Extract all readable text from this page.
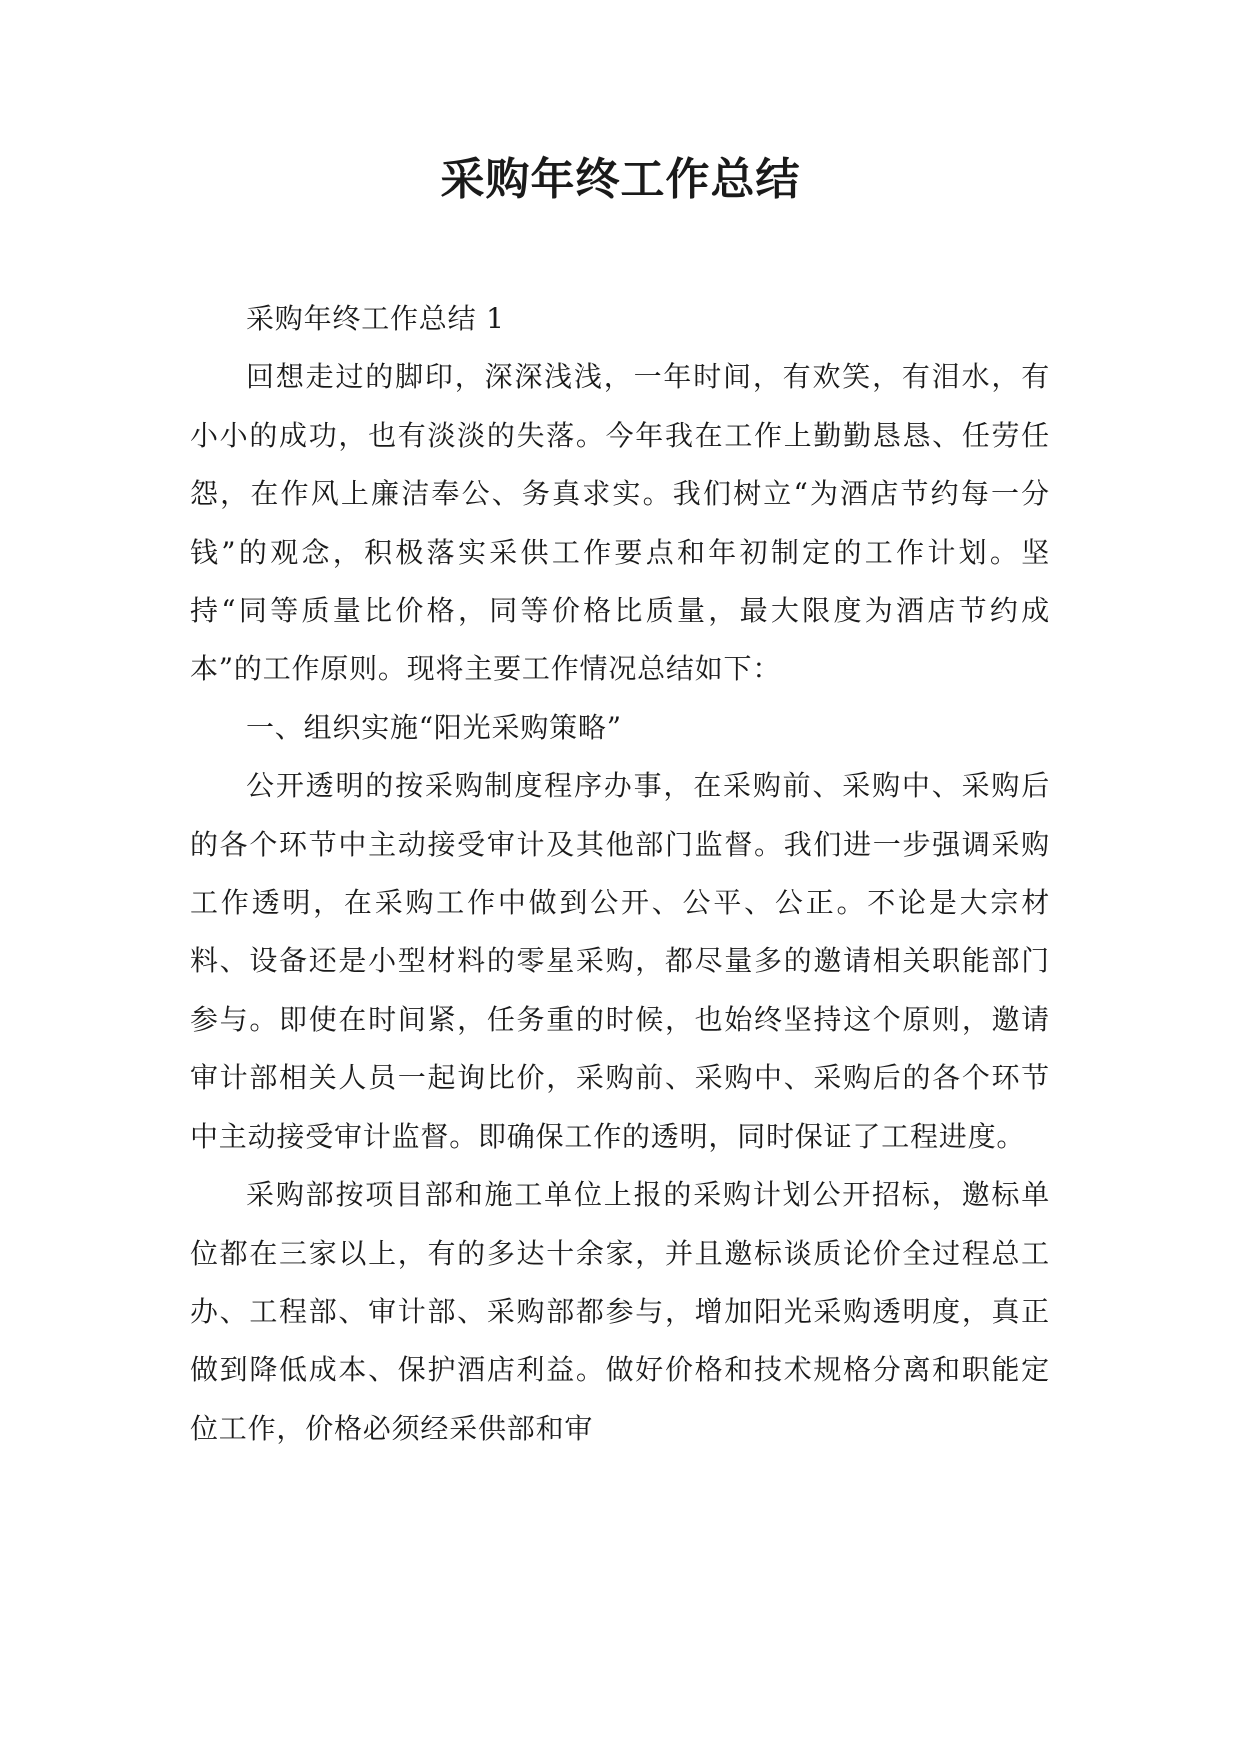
采购年终工作总结

采购年终工作总结 1

回想走过的脚印，深深浅浅，一年时间，有欢笑，有泪水，有小小的成功，也有淡淡的失落。今年我在工作上勤勤恳恳、任劳任怨，在作风上廉洁奉公、务真求实。我们树立“为酒店节约每一分钱”的观念，积极落实采供工作要点和年初制定的工作计划。坚持“同等质量比价格，同等价格比质量，最大限度为酒店节约成本”的工作原则。现将主要工作情况总结如下：

一、组织实施“阳光采购策略”

公开透明的按采购制度程序办事，在采购前、采购中、采购后的各个环节中主动接受审计及其他部门监督。我们进一步强调采购工作透明，在采购工作中做到公开、公平、公正。不论是大宗材料、设备还是小型材料的零星采购，都尽量多的邀请相关职能部门参与。即使在时间紧，任务重的时候，也始终坚持这个原则，邀请审计部相关人员一起询比价，采购前、采购中、采购后的各个环节中主动接受审计监督。即确保工作的透明，同时保证了工程进度。

采购部按项目部和施工单位上报的采购计划公开招标，邀标单位都在三家以上，有的多达十余家，并且邀标谈质论价全过程总工办、工程部、审计部、采购部都参与，增加阳光采购透明度，真正做到降低成本、保护酒店利益。做好价格和技术规格分离和职能定位工作，价格必须经采供部和审
